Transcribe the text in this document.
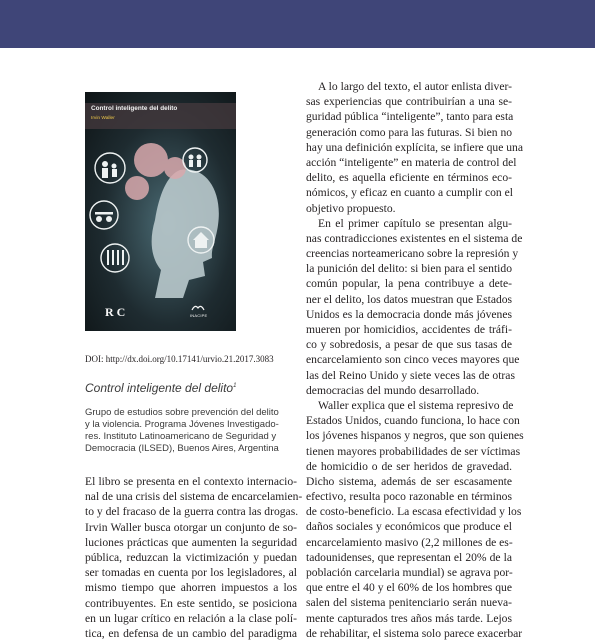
Control inteligente del delito
Irvin Waller
R C	INACIPE
DOI: http://dx.doi.org/10.17141/urvio.21.2017.3083
Control inteligente del delito$^1$
Grupo de estudios sobre prevención del delito
y la violencia. Programa Jóvenes Investigado-
res. Instituto Latinoamericano de Seguridad y
Democracia (ILSED), Buenos Aires, Argentina
El libro se presenta en el contexto internacio-
nal de una crisis del sistema de encarcelamien-
to y del fracaso de la guerra contra las drogas.
Irvin Waller busca otorgar un conjunto de so-
luciones prácticas que aumenten la seguridad
pública, reduzcan la victimización y puedan
ser tomadas en cuenta por los legisladores, al
mismo tiempo que ahorren impuestos a los
contribuyentes. En este sentido, se posiciona
en un lugar crítico en relación a la clase polí-
tica, en defensa de un cambio del paradigma
A lo largo del texto, el autor enlista diver-
sas experiencias que contribuirían a una se-
guridad pública “inteligente”, tanto para esta
generación como para las futuras. Si bien no
hay una definición explícita, se infiere que una
acción “inteligente” en materia de control del
delito, es aquella eficiente en términos eco-
nómicos, y eficaz en cuanto a cumplir con el
objetivo propuesto.
En el primer capítulo se presentan algu-
nas contradicciones existentes en el sistema de
creencias norteamericano sobre la represión y
la punición del delito: si bien para el sentido
común popular, la pena contribuye a dete-
ner el delito, los datos muestran que Estados
Unidos es la democracia donde más jóvenes
mueren por homicidios, accidentes de tráfi-
co y sobredosis, a pesar de que sus tasas de
encarcelamiento son cinco veces mayores que
las del Reino Unido y siete veces las de otras
democracias del mundo desarrollado.
Waller explica que el sistema represivo de
Estados Unidos, cuando funciona, lo hace con
los jóvenes hispanos y negros, que son quienes
tienen mayores probabilidades de ser víctimas
de homicidio o de ser heridos de gravedad.
Dicho sistema, además de ser escasamente
efectivo, resulta poco razonable en términos
de costo-beneficio. La escasa efectividad y los
daños sociales y económicos que produce el
encarcelamiento masivo (2,2 millones de es-
tadounidenses, que representan el 20% de la
población carcelaria mundial) se agrava por-
que entre el 40 y el 60% de los hombres que
salen del sistema penitenciario serán nueva-
mente capturados tres años más tarde. Lejos
de rehabilitar, el sistema solo parece exacerbar
